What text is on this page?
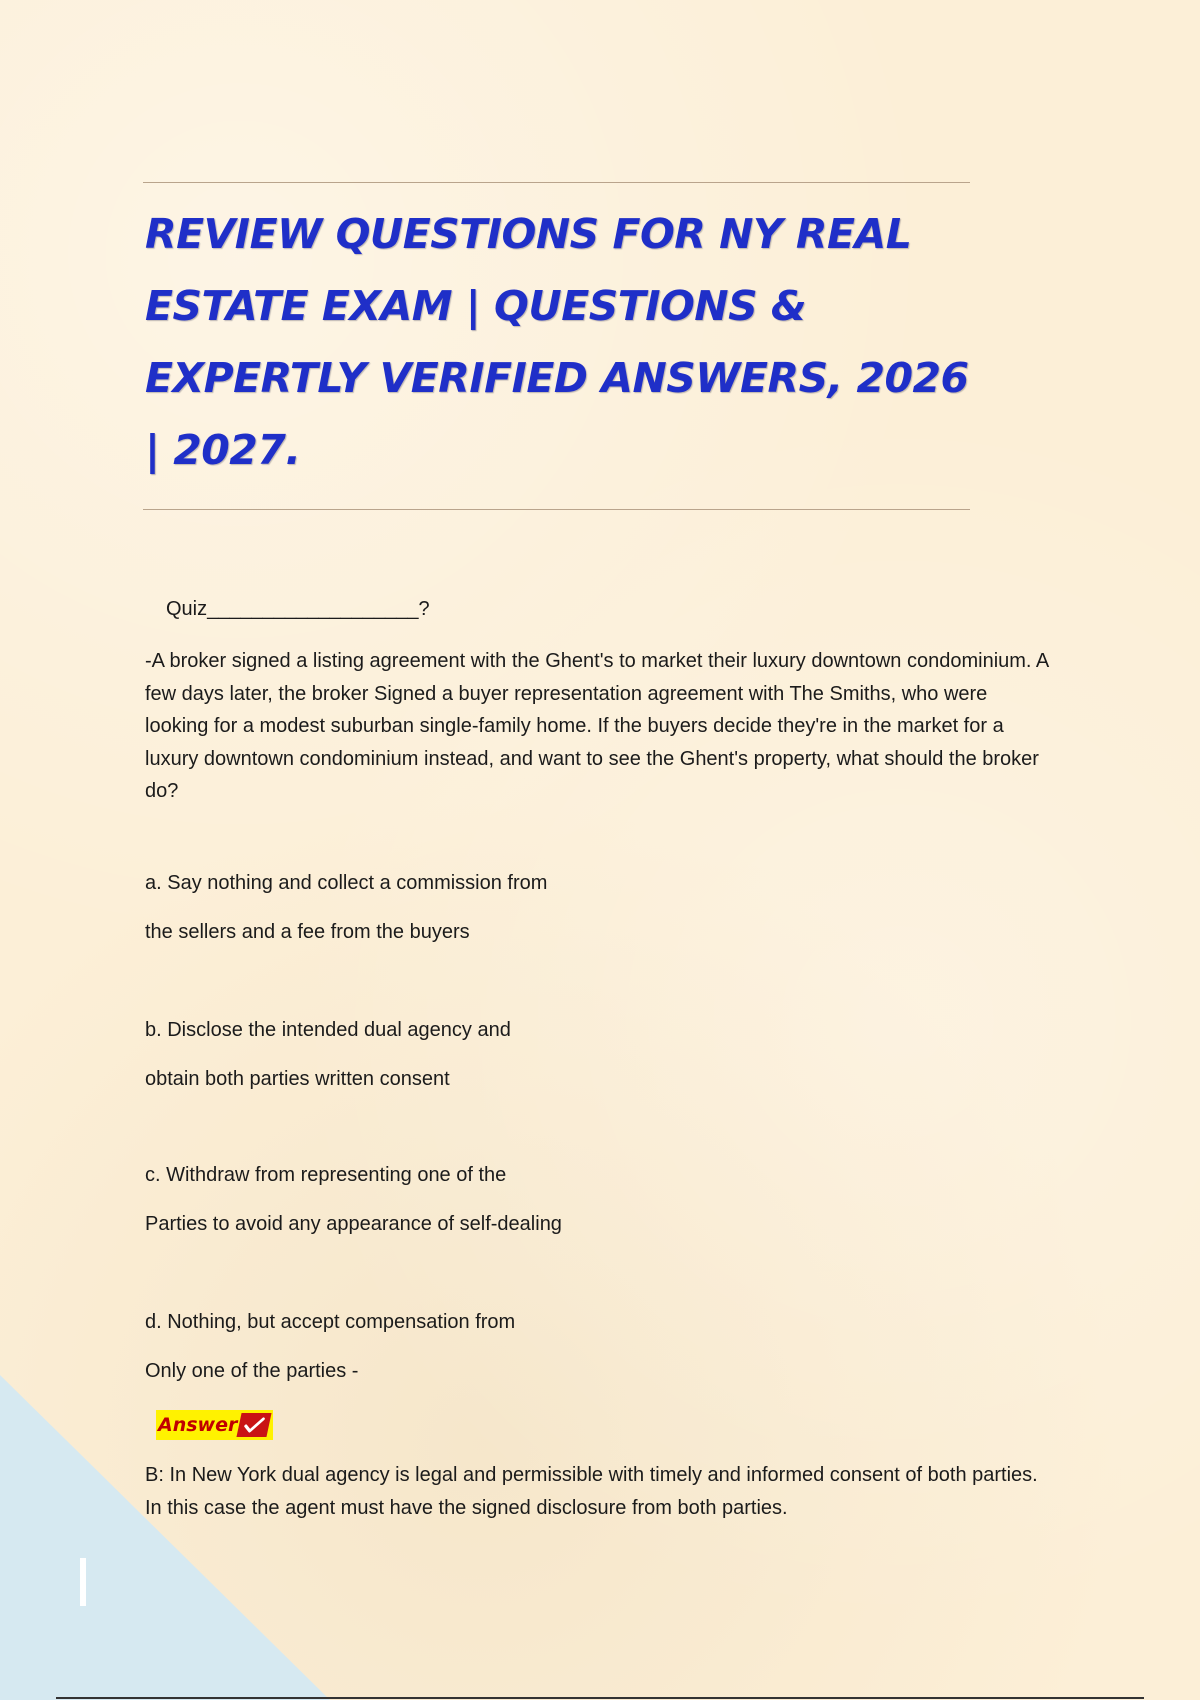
REVIEW QUESTIONS FOR NY REAL ESTATE EXAM | QUESTIONS & EXPERTLY VERIFIED ANSWERS, 2026 | 2027.
Quiz___________________?

-A broker signed a listing agreement with the Ghent's to market their luxury downtown condominium. A few days later, the broker Signed a buyer representation agreement with The Smiths, who were looking for a modest suburban single-family home. If the buyers decide they're in the market for a luxury downtown condominium instead, and want to see the Ghent's property, what should the broker do?

a. Say nothing and collect a commission from
the sellers and a fee from the buyers
b. Disclose the intended dual agency and
obtain both parties written consent
c. Withdraw from representing one of the
Parties to avoid any appearance of self-dealing
d. Nothing, but accept compensation from
Only one of the parties -
Answer

B: In New York dual agency is legal and permissible with timely and informed consent of both parties. In this case the agent must have the signed disclosure from both parties.
